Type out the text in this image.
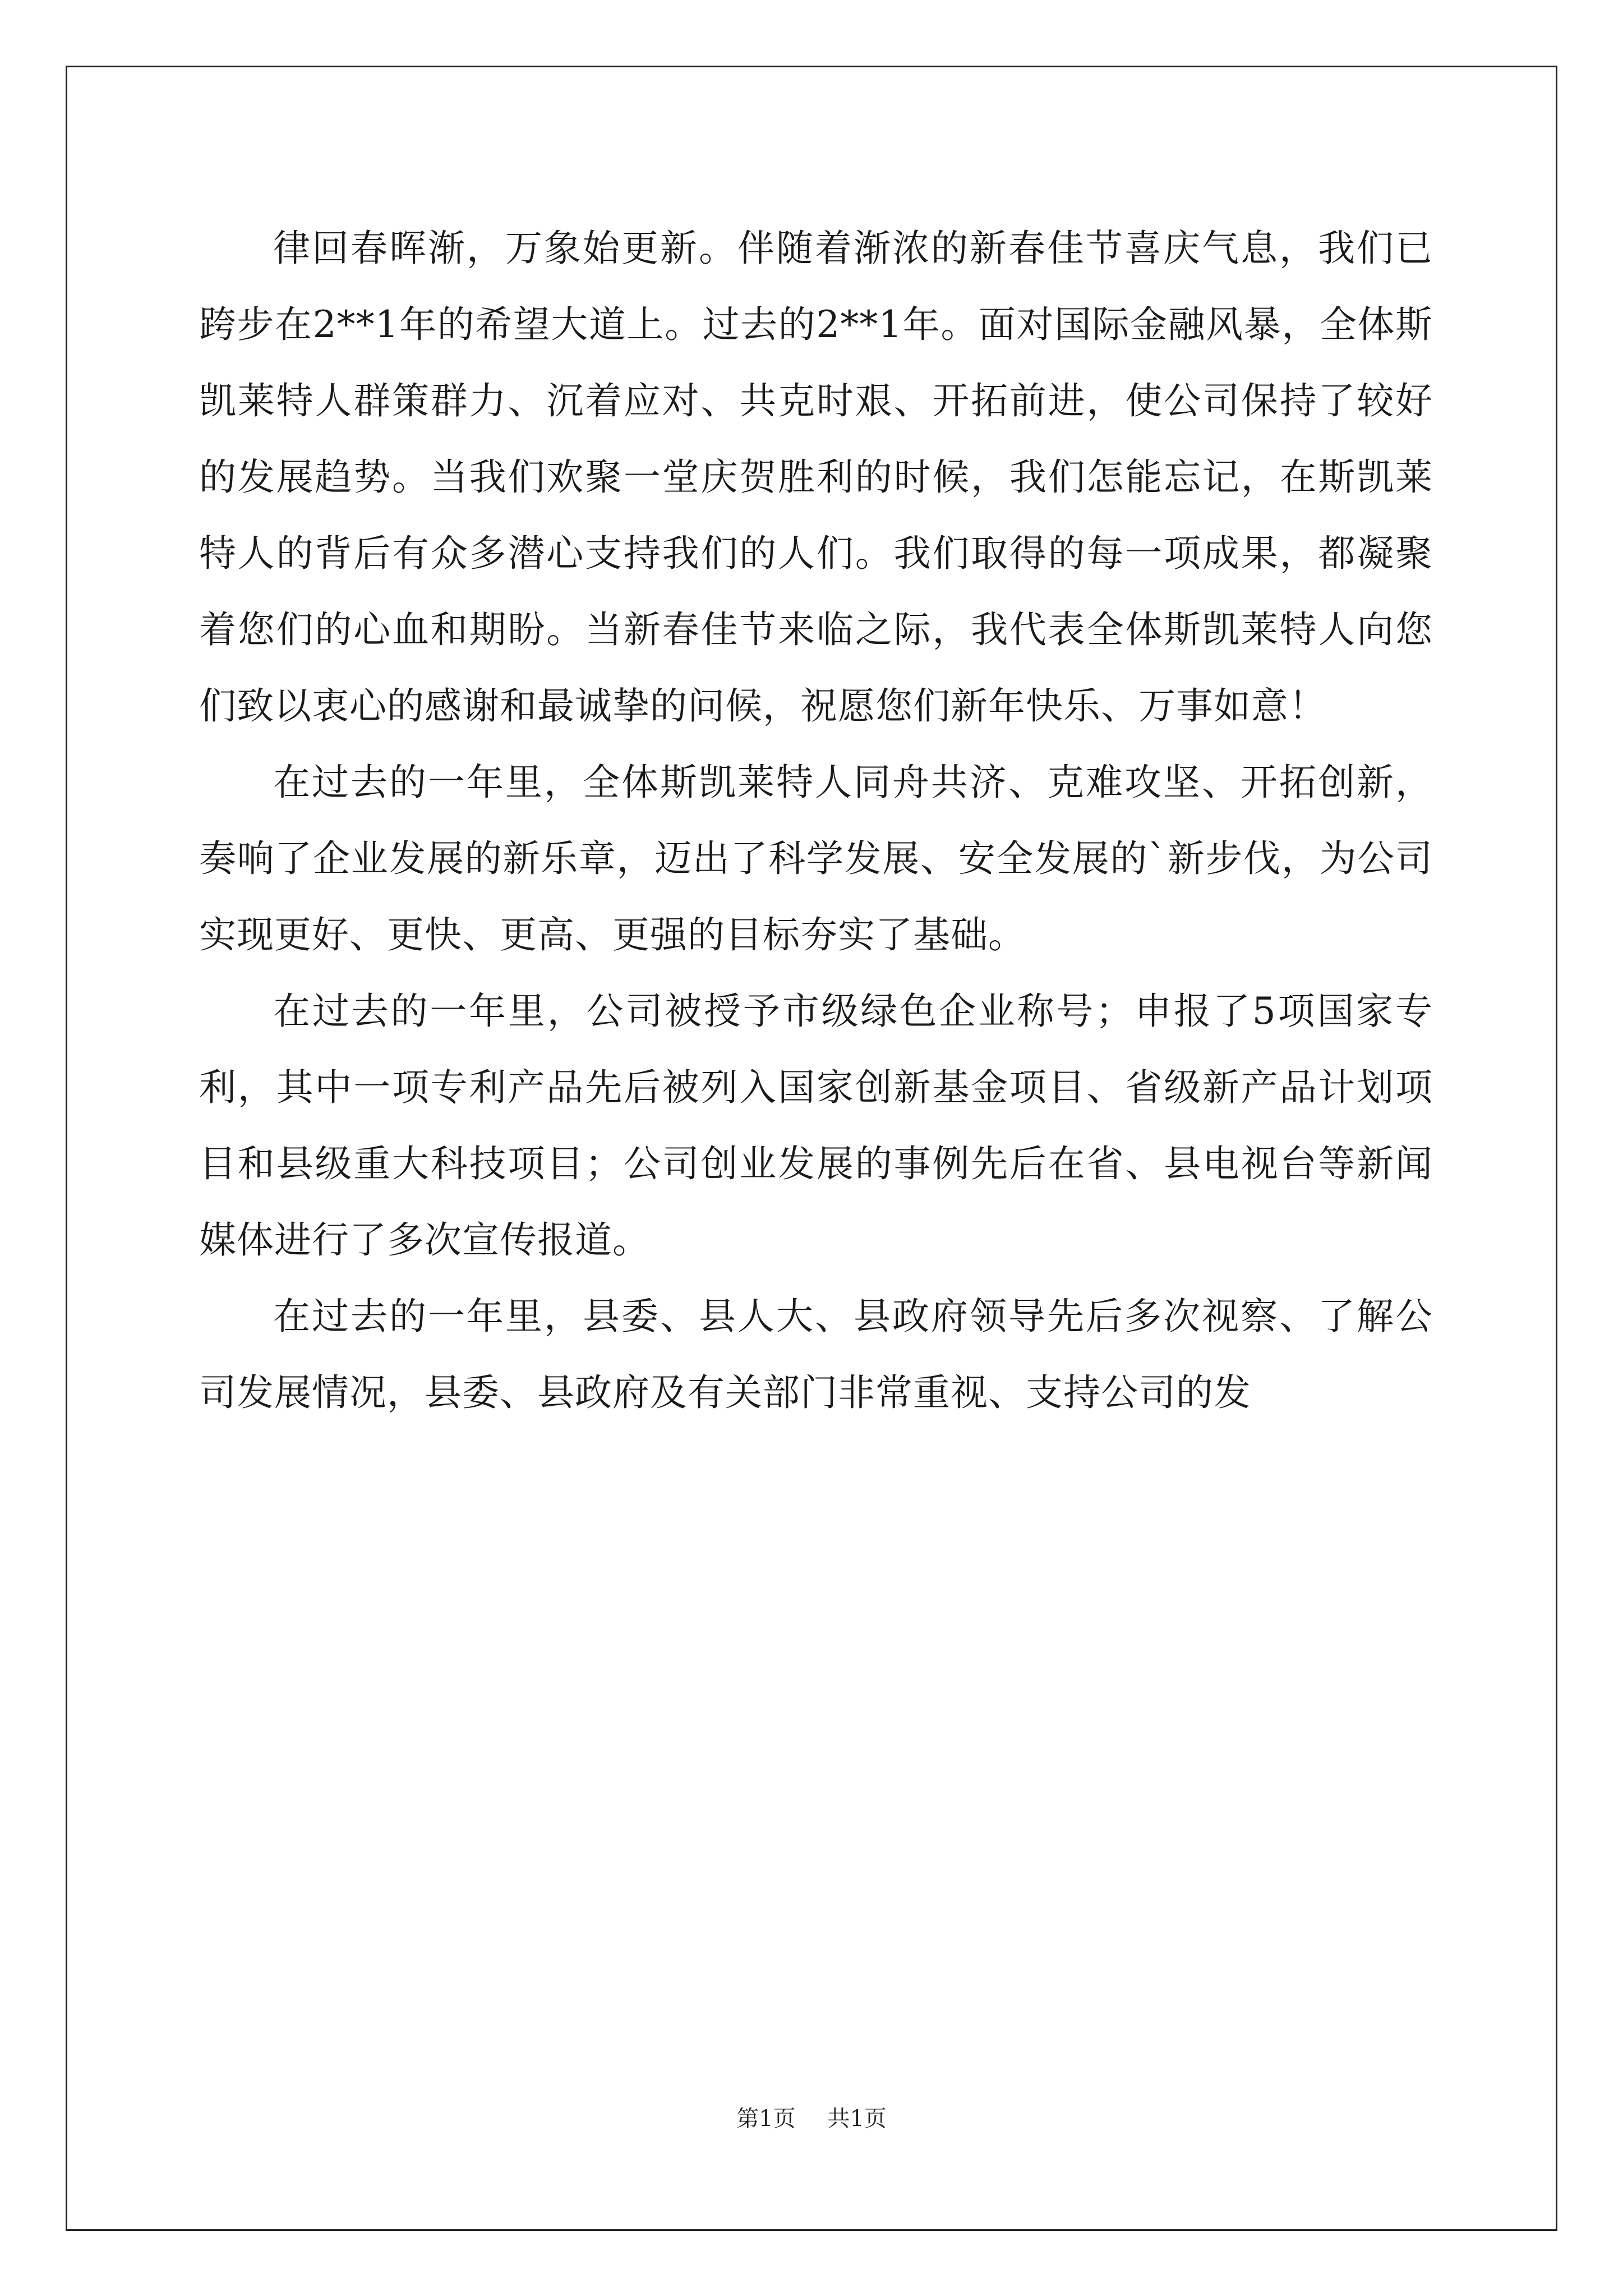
律回春晖渐，万象始更新。伴随着渐浓的新春佳节喜庆气息，我们已跨步在2**1年的希望大道上。过去的2**1年。面对国际金融风暴，全体斯凯莱特人群策群力、沉着应对、共克时艰、开拓前进，使公司保持了较好的发展趋势。当我们欢聚一堂庆贺胜利的时候，我们怎能忘记，在斯凯莱特人的背后有众多潜心支持我们的人们。我们取得的每一项成果，都凝聚着您们的心血和期盼。当新春佳节来临之际，我代表全体斯凯莱特人向您们致以衷心的感谢和最诚挚的问候，祝愿您们新年快乐、万事如意！

在过去的一年里，全体斯凯莱特人同舟共济、克难攻坚、开拓创新，奏响了企业发展的新乐章，迈出了科学发展、安全发展的`新步伐，为公司实现更好、更快、更高、更强的目标夯实了基础。

在过去的一年里，公司被授予市级绿色企业称号；申报了5项国家专利，其中一项专利产品先后被列入国家创新基金项目、省级新产品计划项目和县级重大科技项目；公司创业发展的事例先后在省、县电视台等新闻媒体进行了多次宣传报道。

在过去的一年里，县委、县人大、县政府领导先后多次视察、了解公司发展情况，县委、县政府及有关部门非常重视、支持公司的发

第1页 共1页
